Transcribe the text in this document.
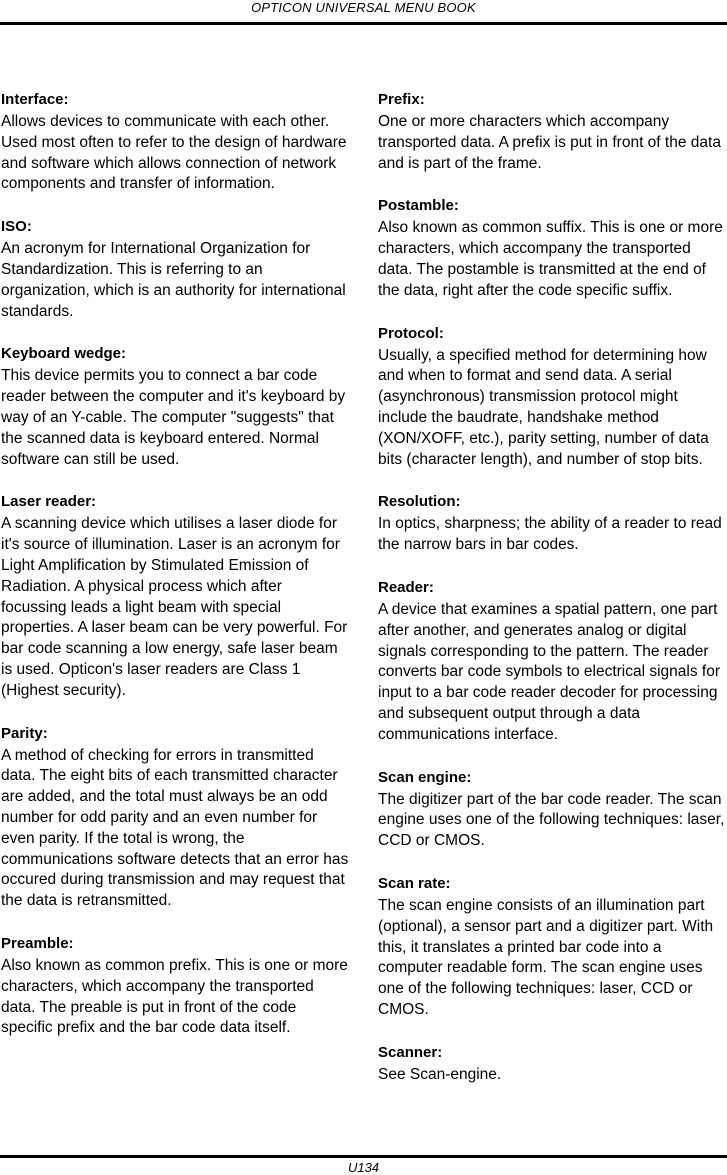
OPTICON UNIVERSAL MENU BOOK
Interface:

Allows devices to communicate with each other. Used most often to refer to the design of hardware and software which allows connection of network components and transfer of information.

ISO:

An acronym for International Organization for Standardization. This is referring to an organization, which is an authority for international standards.

Keyboard wedge:

This device permits you to connect a bar code reader between the computer and it's keyboard by way of an Y-cable. The computer "suggests" that the scanned data is keyboard entered. Normal software can still be used.

Laser reader:

A scanning device which utilises a laser diode for it's source of illumination. Laser is an acronym for Light Amplification by Stimulated Emission of Radiation. A physical process which after focussing leads a light beam with special properties. A laser beam can be very powerful. For bar code scanning a low energy, safe laser beam is used. Opticon's laser readers are Class 1 (Highest security).

Parity:

A method of checking for errors in transmitted data. The eight bits of each transmitted character are added, and the total must always be an odd number for odd parity and an even number for even parity. If the total is wrong, the communications software detects that an error has occured during transmission and may request that the data is retransmitted.

Preamble:

Also known as common prefix. This is one or more characters, which accompany the transported data. The preable is put in front of the code specific prefix and the bar code data itself.

Prefix:

One or more characters which accompany transported data. A prefix is put in front of the data and is part of the frame.

Postamble:

Also known as common suffix. This is one or more characters, which accompany the transported data. The postamble is transmitted at the end of the data, right after the code specific suffix.

Protocol:

Usually, a specified method for determining how and when to format and send data. A serial (asynchronous) transmission protocol might include the baudrate, handshake method (XON/XOFF, etc.), parity setting, number of data bits (character length), and number of stop bits.

Resolution:

In optics, sharpness; the ability of a reader to read the narrow bars in bar codes.

Reader:

A device that examines a spatial pattern, one part after another, and generates analog or digital signals corresponding to the pattern. The reader converts bar code symbols to electrical signals for input to a bar code reader decoder for processing and subsequent output through a data communications interface.

Scan engine:

The digitizer part of the bar code reader. The scan engine uses one of the following techniques: laser, CCD or CMOS.

Scan rate:

The scan engine consists of an illumination part (optional), a sensor part and a digitizer part. With this, it translates a printed bar code into a computer readable form. The scan engine uses one of the following techniques: laser, CCD or CMOS.

Scanner:

See Scan-engine.

U134
